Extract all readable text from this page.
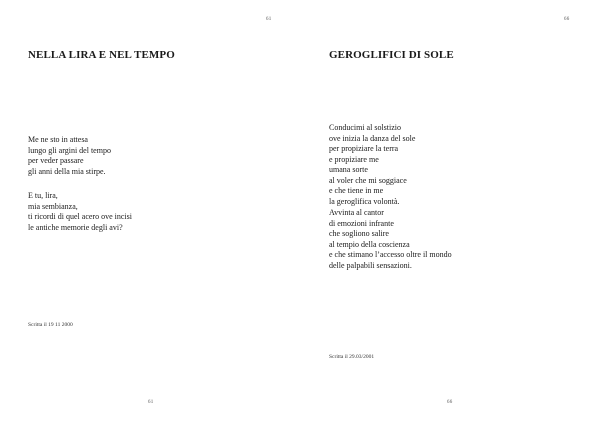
61
NELLA LIRA E NEL TEMPO
Me ne sto in attesa
lungo gli argini del tempo
per veder passare
gli anni della mia stirpe.
E tu, lira,
mia sembianza,
ti ricordi di quel acero ove incisi
le antiche memorie degli avi?
Scritta il 19 11 2000
61
66
GEROGLIFICI DI SOLE
Conducimi al solstizio
ove inizia la danza del sole
per propiziare la terra
e propiziare me
umana sorte
al voler che mi soggiace
e che tiene in me
la geroglifica volontà.
Avvinta al cantor
di emozioni infrante
che sogliono salire
al tempio della coscienza
e che stimano l’accesso oltre il mondo
delle palpabili sensazioni.
Scritta il 29.03/2001
66
